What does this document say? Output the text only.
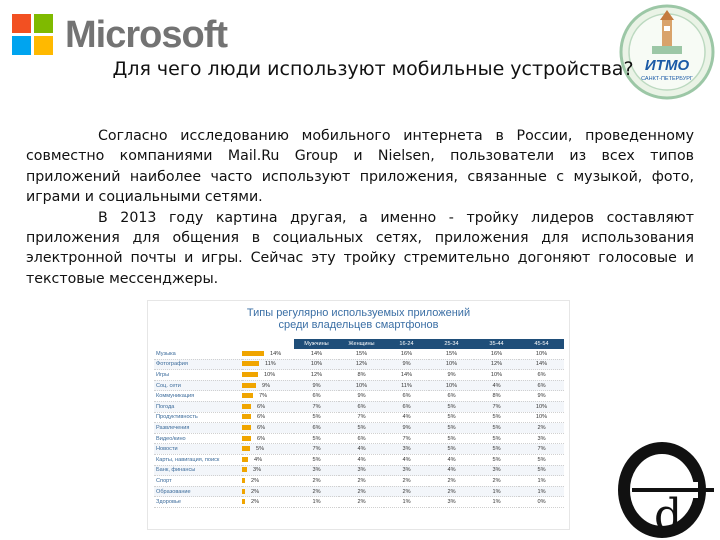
Microsoft
ИТМО
САНКТ-ПЕТЕРБУРГ
Для чего люди используют мобильные устройства?

Согласно исследованию мобильного интернета в России, проведенному совместно компаниями Mail.Ru Group и Nielsen, пользователи из всех типов приложений наиболее часто используют приложения, связанные с музыкой, фото, играми и социальными сетями.

В 2013 году картина другая, а именно - тройку лидеров составляют приложения для общения в социальных сетях, приложения для использования электронной почты и игры. Сейчас эту тройку стремительно догоняют голосовые и текстовые мессенджеры.

Типы регулярно используемых приложений
среди владельцев смартфонов
		Мужчины	Женщины	16-24	25-34	35-44	45-54
Музыка	14%	14%	15%	16%	15%	16%	10%
Фотография	11%	10%	12%	9%	10%	12%	14%
Игры	10%	12%	8%	14%	9%	10%	6%
Соц. сети	9%	9%	10%	11%	10%	4%	6%
Коммуникация	7%	6%	9%	6%	6%	8%	9%
Погода	6%	7%	6%	6%	5%	7%	10%
Продуктивность	6%	5%	7%	4%	5%	5%	10%
Развлечения	6%	6%	5%	9%	5%	5%	2%
Видео/кино	6%	5%	6%	7%	5%	5%	3%
Новости	5%	7%	4%	3%	5%	5%	7%
Карты, навигация, поиск	4%	5%	4%	4%	4%	5%	5%
Банк, финансы	3%	3%	3%	3%	4%	3%	5%
Спорт	2%	2%	2%	2%	2%	2%	1%
Образование	2%	2%	2%	2%	2%	1%	1%
Здоровье	2%	1%	2%	1%	3%	1%	0% d
